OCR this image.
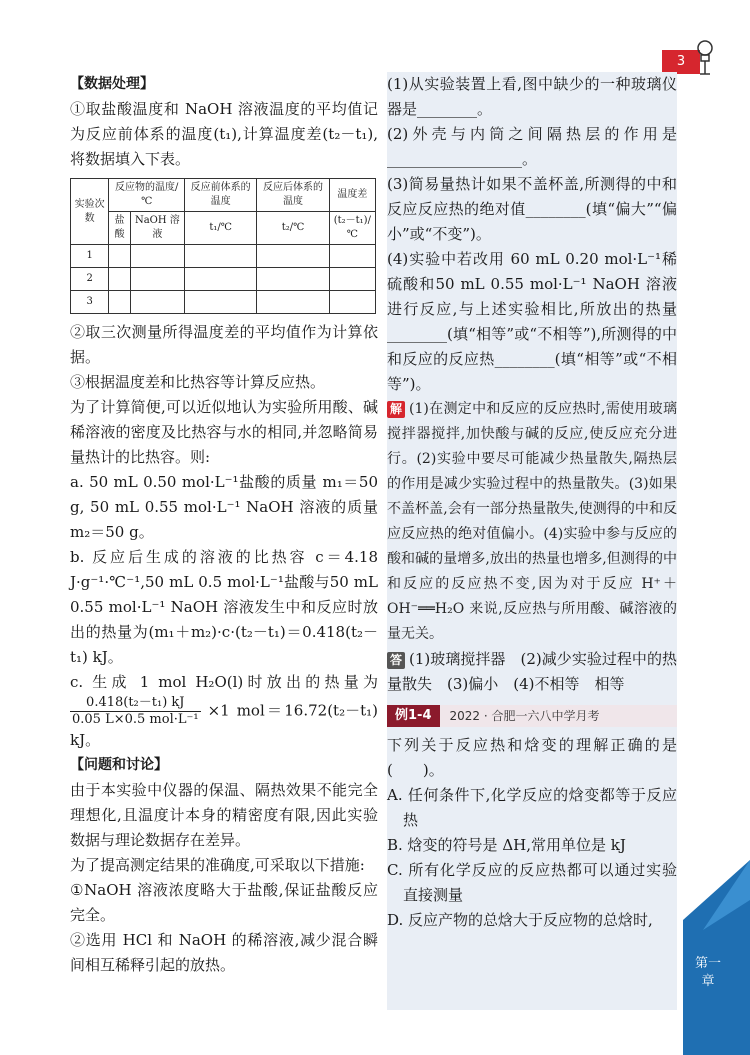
3

【数据处理】

①取盐酸温度和 NaOH 溶液温度的平均值记为反应前体系的温度(t₁),计算温度差(t₂－t₁),将数据填入下表。

实验次数	反应物的温度/℃		反应前体系的温度	反应后体系的温度	温度差
	盐酸	NaOH 溶液	t₁/℃	t₂/℃	(t₂－t₁)/℃
1					
2					
3					

②取三次测量所得温度差的平均值作为计算依据。

③根据温度差和比热容等计算反应热。

为了计算简便,可以近似地认为实验所用酸、碱稀溶液的密度及比热容与水的相同,并忽略简易量热计的比热容。则:

a. 50 mL 0.50 mol·L⁻¹盐酸的质量 m₁＝50 g, 50 mL 0.55 mol·L⁻¹ NaOH 溶液的质量 m₂＝50 g。

b. 反应后生成的溶液的比热容 c＝4.18 J·g⁻¹·℃⁻¹,50 mL 0.5 mol·L⁻¹盐酸与50 mL 0.55 mol·L⁻¹ NaOH 溶液发生中和反应时放出的热量为(m₁＋m₂)·c·(t₂－t₁)＝0.418(t₂－t₁) kJ。

c. 生成 1 mol H₂O(l)时放出的热量为
$\frac{\text{0.418(t₂－t₁) kJ}}{\text{0.05 L×0.5 mol·L⁻¹}} \times 1$ mol＝16.72(t₂－t₁) kJ。

【问题和讨论】

由于本实验中仪器的保温、隔热效果不能完全理想化,且温度计本身的精密度有限,因此实验数据与理论数据存在差异。

为了提高测定结果的准确度,可采取以下措施:

①NaOH 溶液浓度略大于盐酸,保证盐酸反应完全。

②选用 HCl 和 NaOH 的稀溶液,减少混合瞬间相互稀释引起的放热。

(1)从实验装置上看,图中缺少的一种玻璃仪器是________。

(2)外壳与内筒之间隔热层的作用是__________________。

(3)简易量热计如果不盖杯盖,所测得的中和反应反应热的绝对值________(填“偏大”“偏小”或“不变”)。

(4)实验中若改用 60 mL 0.20 mol·L⁻¹稀硫酸和50 mL 0.55 mol·L⁻¹ NaOH 溶液进行反应,与上述实验相比,所放出的热量________(填“相等”或“不相等”),所测得的中和反应的反应热________(填“相等”或“不相等”)。

解 (1)在测定中和反应的反应热时,需使用玻璃搅拌器搅拌,加快酸与碱的反应,使反应充分进行。(2)实验中要尽可能减少热量散失,隔热层的作用是减少实验过程中的热量散失。(3)如果不盖杯盖,会有一部分热量散失,使测得的中和反应反应热的绝对值偏小。(4)实验中参与反应的酸和碱的量增多,放出的热量也增多,但测得的中和反应的反应热不变,因为对于反应 H⁺＋OH⁻══H₂O 来说,反应热与所用酸、碱溶液的量无关。

答 (1)玻璃搅拌器　(2)减少实验过程中的热量散失　(3)偏小　(4)不相等　相等

例1-4	2022 · 合肥一六八中学月考

下列关于反应热和焓变的理解正确的是(　　)。

A. 任何条件下,化学反应的焓变都等于反应热

B. 焓变的符号是 ΔH,常用单位是 kJ

C. 所有化学反应的反应热都可以通过实验直接测量

D. 反应产物的总焓大于反应物的总焓时,

第一章
